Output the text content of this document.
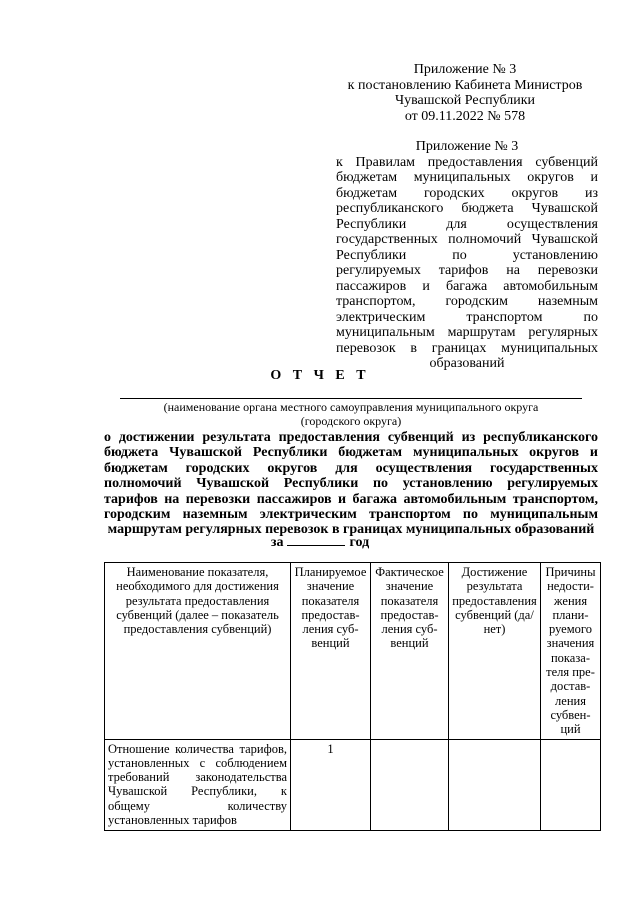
Приложение № 3
к постановлению Кабинета Министров
Чувашской Республики
от 09.11.2022 № 578
Приложение № 3
к Правилам предоставления субвенций бюджетам муниципальных округов и бюджетам городских округов из республиканского бюджета Чувашской Республики для осуществления государственных полномочий Чувашской Республики по установлению регулируемых тарифов на перевозки пассажиров и багажа автомобильным транспортом, городским наземным электрическим транспортом по муниципальным маршрутам регулярных перевозок в границах муниципальных образований
О Т Ч Е Т
(наименование органа местного самоуправления муниципального округа
(городского округа)
о достижении результата предоставления субвенций из республиканского бюджета Чувашской Республики бюджетам муниципальных округов и бюджетам городских округов для осуществления государственных полномочий Чувашской Республики по установлению регулируемых тарифов на перевозки пассажиров и багажа автомобильным транспортом, городским наземным электрическим транспортом по муниципальным маршрутам регулярных перевозок в границах муниципальных образований
за	год
Наименование показателя, необходимого для достижения результата предоставления субвенций (далее – показатель предоставления субвенций)	Планируемое значение показателя предостав-ления суб-венций	Фактическое значение показателя предостав-ления суб-венций	Достижение результата предоставления субвенций (да/нет)	Причины недости-жения плани-руемого значения показа-теля пре-достав-ления субвен-ций
Отношение количества тарифов, установленных с соблюдением требований законодательства Чувашской Республики, к общему количеству установленных тарифов	1			
